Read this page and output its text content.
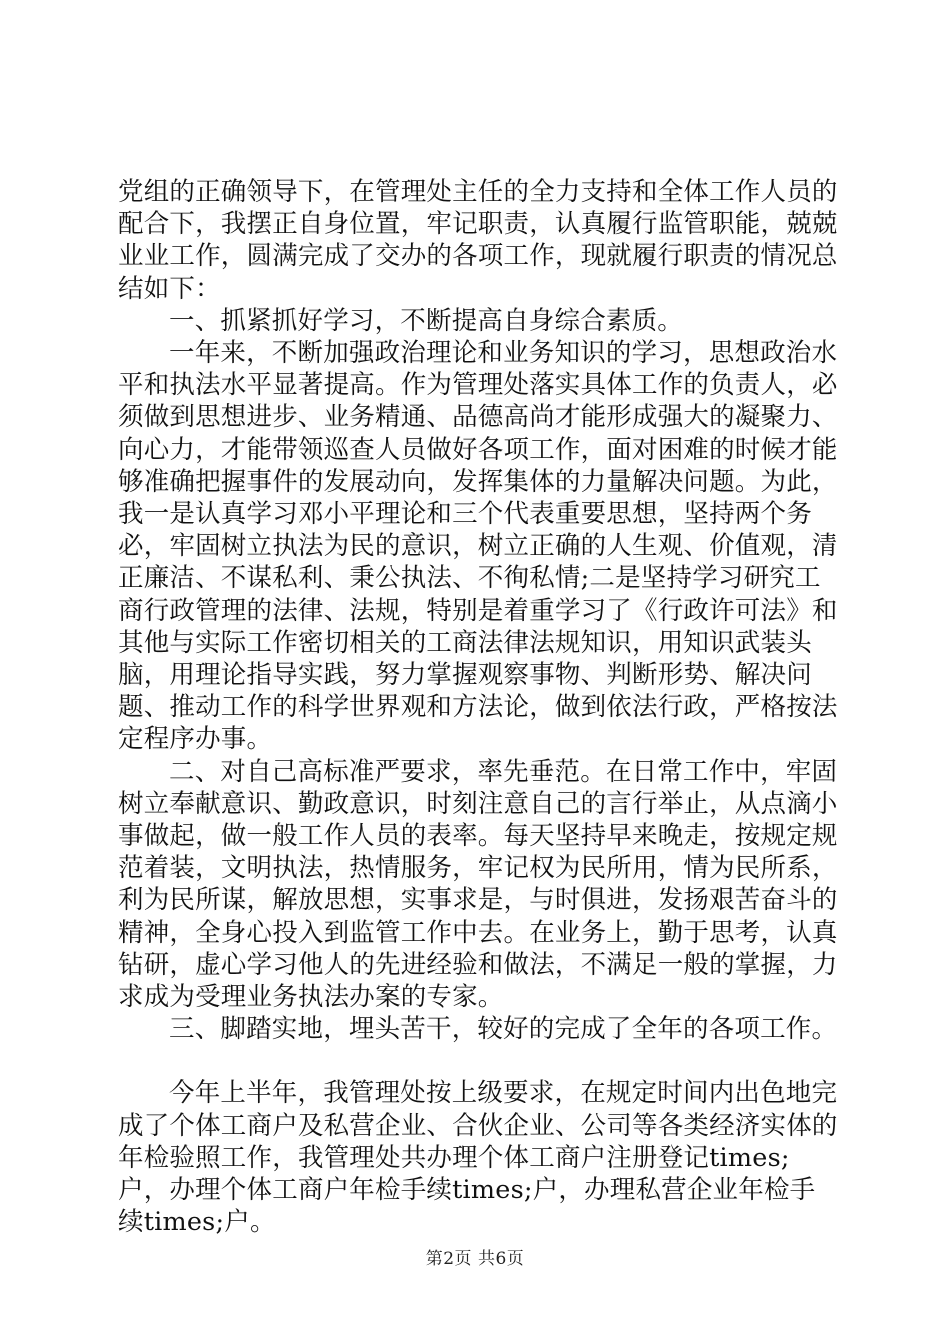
党组的正确领导下，在管理处主任的全力支持和全体工作人员的配合下，我摆正自身位置，牢记职责，认真履行监管职能，兢兢业业工作，圆满完成了交办的各项工作，现就履行职责的情况总结如下：

一、抓紧抓好学习，不断提高自身综合素质。

一年来，不断加强政治理论和业务知识的学习，思想政治水平和执法水平显著提高。作为管理处落实具体工作的负责人，必须做到思想进步、业务精通、品德高尚才能形成强大的凝聚力、向心力，才能带领巡查人员做好各项工作，面对困难的时候才能够准确把握事件的发展动向，发挥集体的力量解决问题。为此，我一是认真学习邓小平理论和三个代表重要思想，坚持两个务必，牢固树立执法为民的意识，树立正确的人生观、价值观，清正廉洁、不谋私利、秉公执法、不徇私情;二是坚持学习研究工商行政管理的法律、法规，特别是着重学习了《行政许可法》和其他与实际工作密切相关的工商法律法规知识，用知识武装头脑，用理论指导实践，努力掌握观察事物、判断形势、解决问题、推动工作的科学世界观和方法论，做到依法行政，严格按法定程序办事。

二、对自己高标准严要求，率先垂范。在日常工作中，牢固树立奉献意识、勤政意识，时刻注意自己的言行举止，从点滴小事做起，做一般工作人员的表率。每天坚持早来晚走，按规定规范着装，文明执法，热情服务，牢记权为民所用，情为民所系，利为民所谋，解放思想，实事求是，与时俱进，发扬艰苦奋斗的精神，全身心投入到监管工作中去。在业务上，勤于思考，认真钻研，虚心学习他人的先进经验和做法，不满足一般的掌握，力求成为受理业务执法办案的专家。

三、脚踏实地，埋头苦干，较好的完成了全年的各项工作。

今年上半年，我管理处按上级要求，在规定时间内出色地完成了个体工商户及私营企业、合伙企业、公司等各类经济实体的年检验照工作，我管理处共办理个体工商户注册登记times;户，办理个体工商户年检手续times;户，办理私营企业年检手续times;户。

第2页 共6页
